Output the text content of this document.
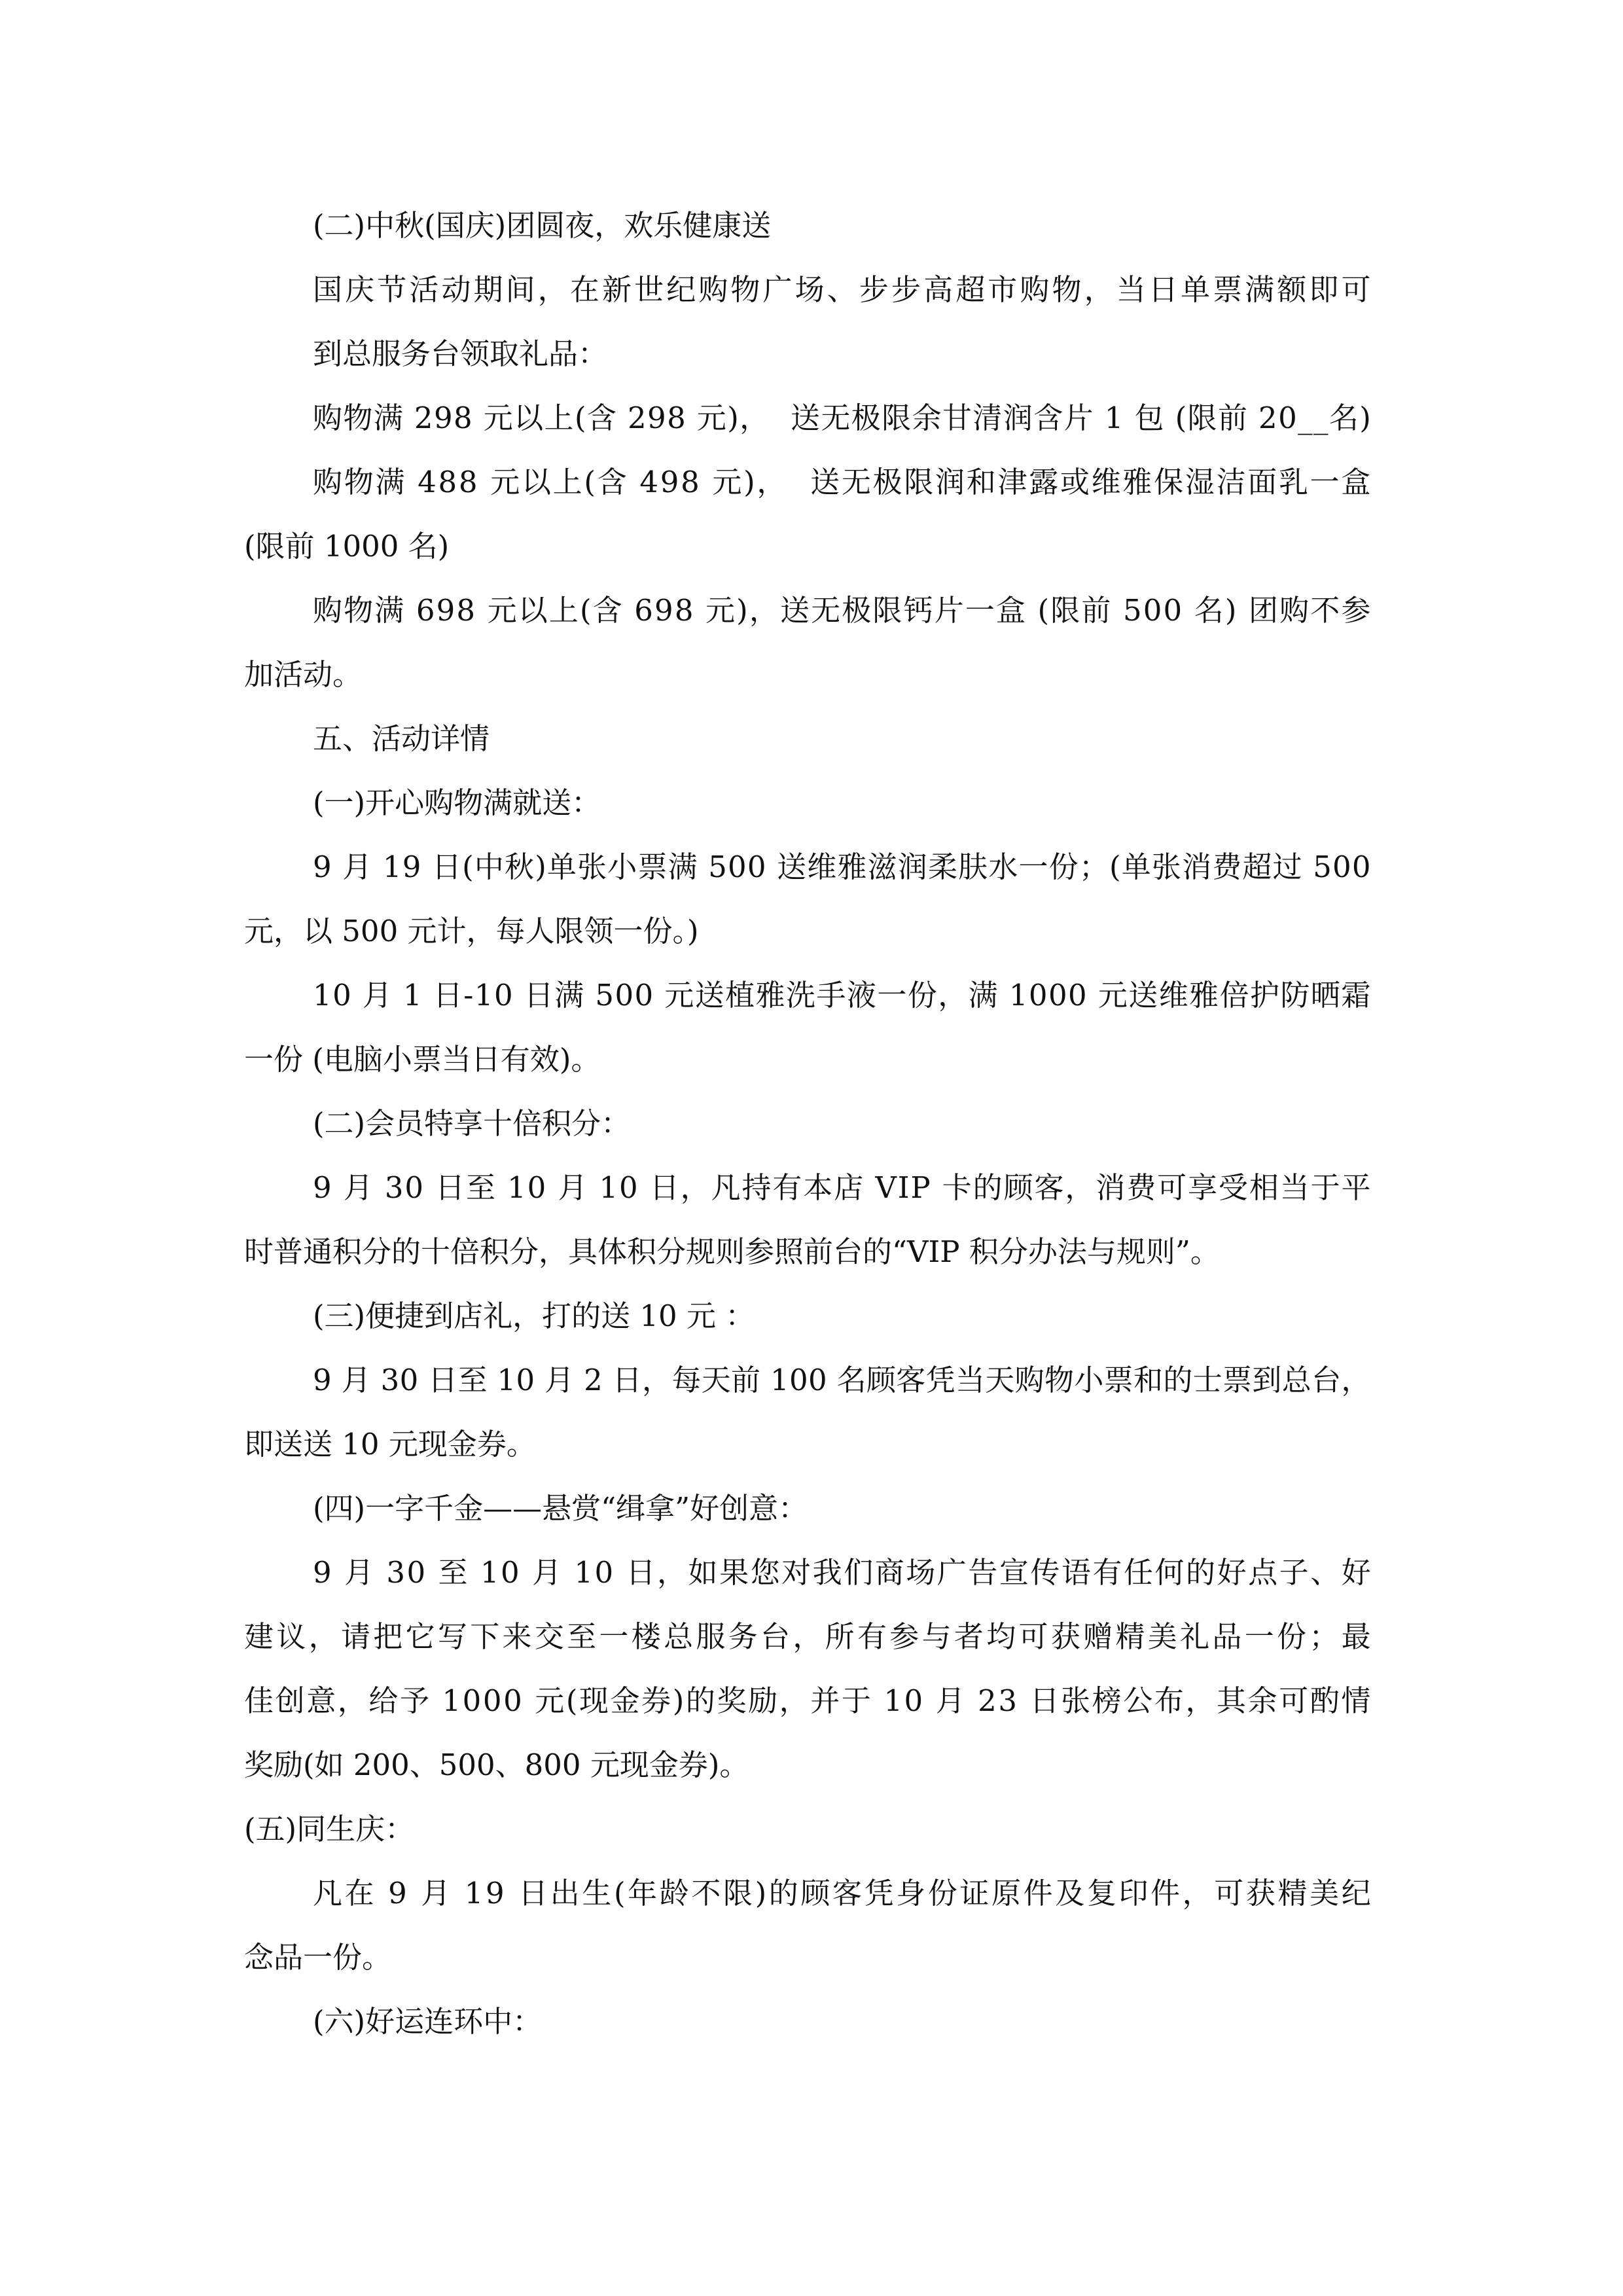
(二)中秋(国庆)团圆夜，欢乐健康送
国 庆 节 活 动 期 间 ， 在 新 世 纪 购 物 广 场 、 步 步 高 超 市 购 物 ， 当 日 单 票 满 额 即 可
到总服务台领取礼品：
购 物 满
2 9 8
元 以 上 ( 含
2 9 8
元 ) ，

送 无 极 限 余 甘 清 润 含 片
1
包
( 限 前
2 0 _ _ 名 )
购 物 满
4 8 8
元 以 上 ( 含
4 9 8
元 ) ，

送 无 极 限 润 和 津 露 或 维 雅 保 湿 洁 面 乳 一 盒
(限前 1000 名)
购 物 满
6 9 8
元 以 上 ( 含
6 9 8
元 ) ， 送 无 极 限 钙 片 一 盒
( 限 前
5 0 0
名 )
团 购 不 参
加活动。
五、活动详情
(一)开心购物满就送：
9
月
1 9
日 ( 中 秋 ) 单 张 小 票 满
5 0 0
送 维 雅 滋 润 柔 肤 水 一 份 ； ( 单 张 消 费 超 过
5 0 0
元，以 500 元计，每人限领一份。)
1 0
月
1
日 - 1 0
日 满
5 0 0
元 送 植 雅 洗 手 液 一 份 ， 满
1 0 0 0
元 送 维 雅 倍 护 防 晒 霜
一份 (电脑小票当日有效)。
(二)会员特享十倍积分：
9
月
3 0
日 至
1 0
月
1 0
日 ， 凡 持 有 本 店
V I P
卡 的 顾 客 ， 消 费 可 享 受 相 当 于 平
时普通积分的十倍积分，具体积分规则参照前台的“VIP 积分办法与规则”。
(三)便捷到店礼，打的送 10 元 ：
9
月
3 0
日 至
1 0
月
2
日 ， 每 天 前
1 0 0
名 顾 客 凭 当 天 购 物 小 票 和 的 士 票 到 总 台 ，
即送送 10 元现金券。
(四)一字千金——悬赏“缉拿”好创意：
9
月
3 0
至
1 0
月
1 0
日 ， 如 果 您 对 我 们 商 场 广 告 宣 传 语 有 任 何 的 好 点 子 、 好
建 议 ， 请 把 它 写 下 来 交 至 一 楼 总 服 务 台 ， 所 有 参 与 者 均 可 获 赠 精 美 礼 品 一 份 ； 最
佳 创 意 ， 给 予
1 0 0 0
元 ( 现 金 券 ) 的 奖 励 ， 并 于
1 0
月
2 3
日 张 榜 公 布 ， 其 余 可 酌 情
奖励(如 200、500、800 元现金券)。
(五)同生庆：
凡 在
9
月
1 9
日 出 生 ( 年 龄 不 限 ) 的 顾 客 凭 身 份 证 原 件 及 复 印 件 ， 可 获 精 美 纪
念品一份。
(六)好运连环中：
